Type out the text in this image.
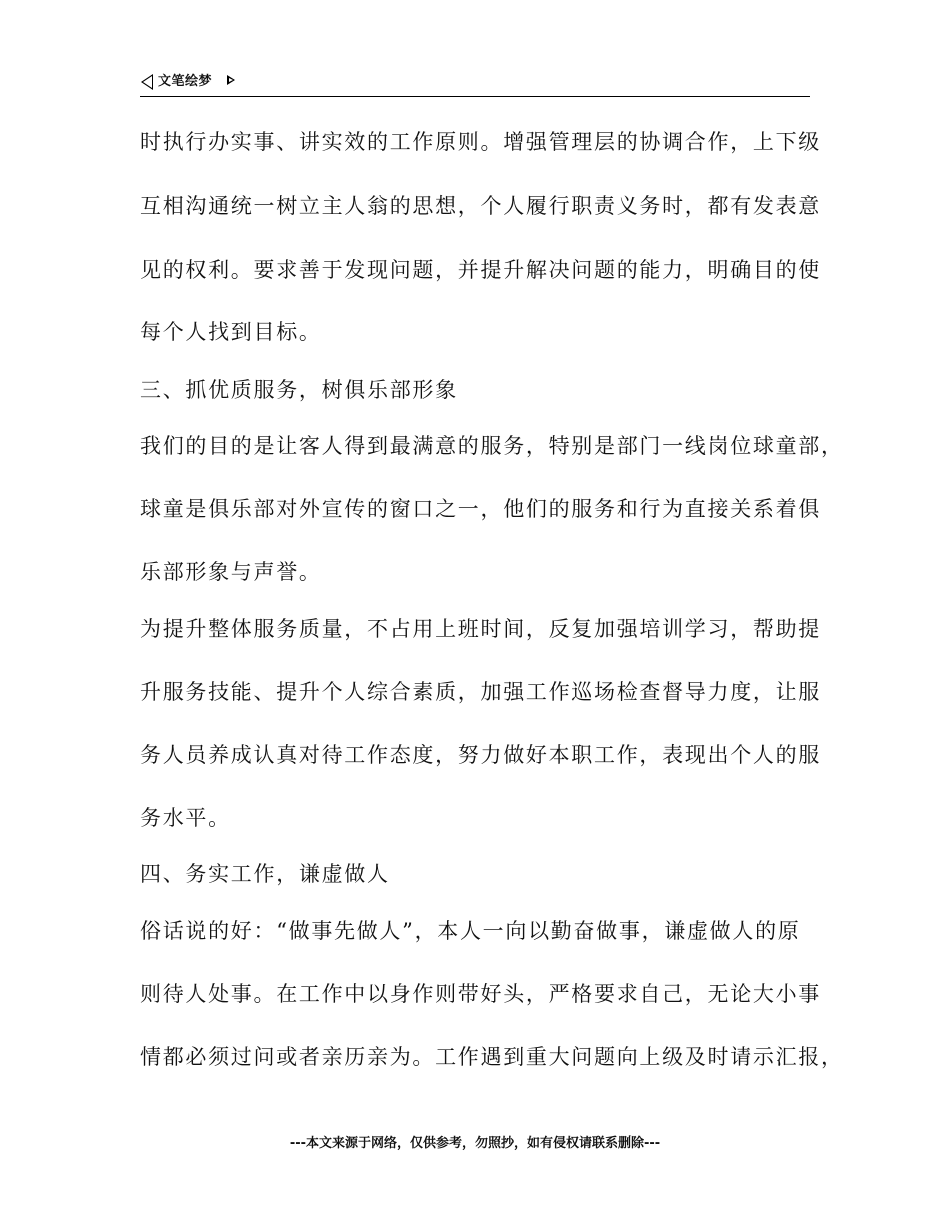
文笔绘梦
时执行办实事、讲实效的工作原则。增强管理层的协调合作，上下级
互相沟通统一树立主人翁的思想，个人履行职责义务时，都有发表意
见的权利。要求善于发现问题，并提升解决问题的能力，明确目的使
每个人找到目标。
三、抓优质服务，树俱乐部形象
我们的目的是让客人得到最满意的服务，特别是部门一线岗位球童部，
球童是俱乐部对外宣传的窗口之一，他们的服务和行为直接关系着俱
乐部形象与声誉。
为提升整体服务质量，不占用上班时间，反复加强培训学习，帮助提
升服务技能、提升个人综合素质，加强工作巡场检查督导力度，让服
务人员养成认真对待工作态度，努力做好本职工作，表现出个人的服
务水平。
四、务实工作，谦虚做人
俗话说的好：“做事先做人”，本人一向以勤奋做事，谦虚做人的原
则待人处事。在工作中以身作则带好头，严格要求自己，无论大小事
情都必须过问或者亲历亲为。工作遇到重大问题向上级及时请示汇报，
---本文来源于网络，仅供参考，勿照抄，如有侵权请联系删除---
